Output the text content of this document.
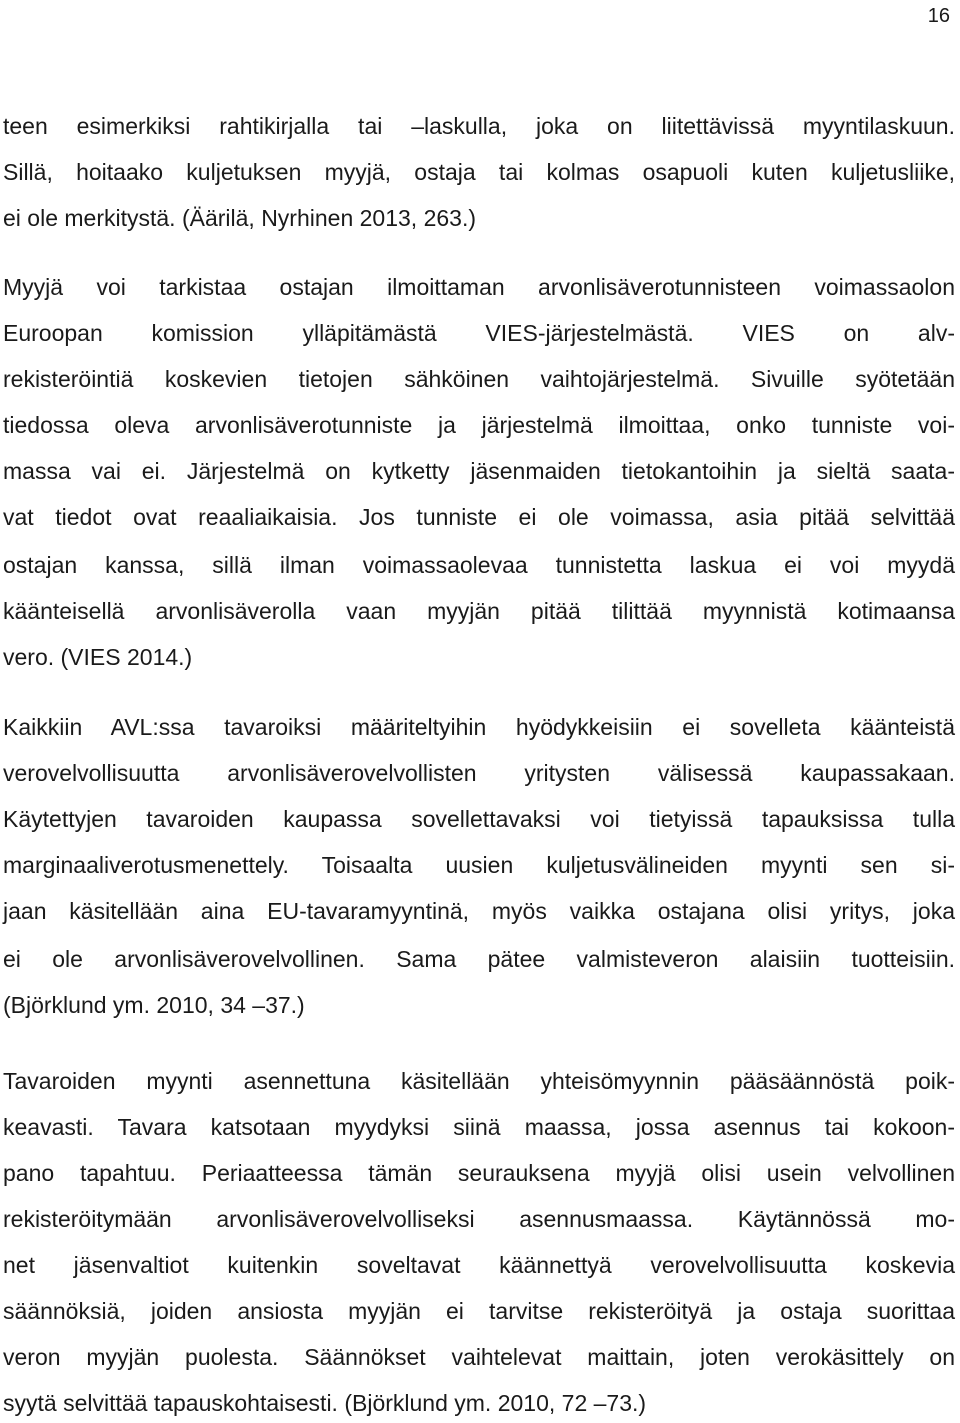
16
teen esimerkiksi rahtikirjalla tai –laskulla, joka on liitettävissä myyntilaskuun.
Sillä, hoitaako kuljetuksen myyjä, ostaja tai kolmas osapuoli kuten kuljetusliike,
ei ole merkitystä. (Äärilä, Nyrhinen 2013, 263.)
Myyjä voi tarkistaa ostajan ilmoittaman arvonlisäverotunnisteen voimassaolon
Euroopan komission ylläpitämästä VIES-järjestelmästä. VIES on alv-
rekisteröintiä koskevien tietojen sähköinen vaihtojärjestelmä. Sivuille syötetään
tiedossa oleva arvonlisäverotunniste ja järjestelmä ilmoittaa, onko tunniste voi-
massa vai ei. Järjestelmä on kytketty jäsenmaiden tietokantoihin ja sieltä saata-
vat tiedot ovat reaaliaikaisia. Jos tunniste ei ole voimassa, asia pitää selvittää
ostajan kanssa, sillä ilman voimassaolevaa tunnistetta laskua ei voi myydä
käänteisellä arvonlisäverolla vaan myyjän pitää tilittää myynnistä kotimaansa
vero. (VIES 2014.)
Kaikkiin AVL:ssa tavaroiksi määriteltyihin hyödykkeisiin ei sovelleta käänteistä
verovelvollisuutta arvonlisäverovelvollisten yritysten välisessä kaupassakaan.
Käytettyjen tavaroiden kaupassa sovellettavaksi voi tietyissä tapauksissa tulla
marginaaliverotusmenettely. Toisaalta uusien kuljetusvälineiden myynti sen si-
jaan käsitellään aina EU-tavaramyyntinä, myös vaikka ostajana olisi yritys, joka
ei ole arvonlisäverovelvollinen. Sama pätee valmisteveron alaisiin tuotteisiin.
(Björklund ym. 2010, 34 –37.)
Tavaroiden myynti asennettuna käsitellään yhteisömyynnin pääsäännöstä poik-
keavasti. Tavara katsotaan myydyksi siinä maassa, jossa asennus tai kokoon-
pano tapahtuu. Periaatteessa tämän seurauksena myyjä olisi usein velvollinen
rekisteröitymään arvonlisäverovelvolliseksi asennusmaassa. Käytännössä mo-
net jäsenvaltiot kuitenkin soveltavat käännettyä verovelvollisuutta koskevia
säännöksiä, joiden ansiosta myyjän ei tarvitse rekisteröityä ja ostaja suorittaa
veron myyjän puolesta. Säännökset vaihtelevat maittain, joten verokäsittely on
syytä selvittää tapauskohtaisesti. (Björklund ym. 2010, 72 –73.)
